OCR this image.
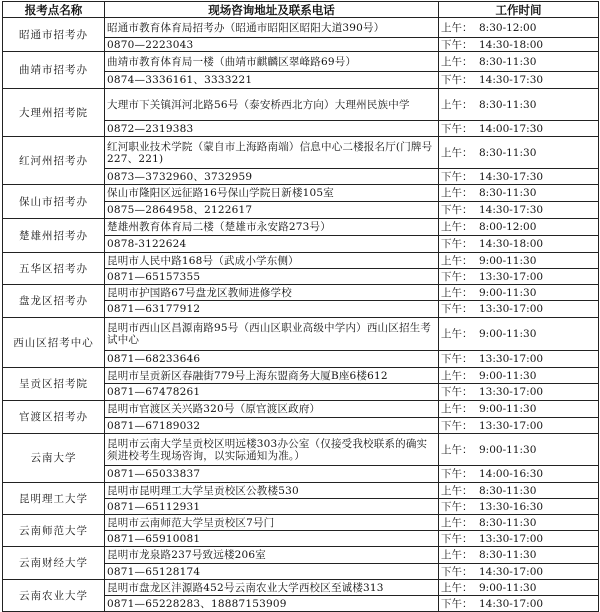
报考点名称	现场咨询地址及联系电话	工作时间
昭通市招考办	昭通市教育体育局招考办（昭通市昭阳区昭阳大道390号）	上午： 8:30-12:00
	0870—2223043	下午： 14:30-18:00
曲靖市招考办	曲靖市教育体育局一楼（曲靖市麒麟区翠峰路69号）	上午： 8:30-11:30
	0874—3336161、3333221	下午： 14:30-17:30
大理州招考院	大理市下关镇洱河北路56号（泰安桥西北方向）大理州民族中学	上午： 8:30-11:30
	0872—2319383	下午： 14:00-17:30
红河州招考办	红河职业技术学院（蒙自市上海路南端）信息中心二楼报名厅(门牌号227、221)	上午： 8:30-11:30
	0873—3732960、3732959	下午： 14:30-17:30
保山市招考办	保山市隆阳区远征路16号保山学院日新楼105室	上午： 8:30-11:30
	0875—2864958、2122617	下午： 14:30-17:30
楚雄州招考办	楚雄州教育体育局二楼（楚雄市永安路273号）	上午： 8:00-12:00
	0878-3122624	下午： 14:30-18:00
五华区招考办	昆明市人民中路168号（武成小学东侧）	上午： 9:00-11:30
	0871—65157355	下午： 13:30-17:00
盘龙区招考办	昆明市护国路67号盘龙区教师进修学校	上午： 9:00-11:30
	0871—63177912	下午： 13:30-17:00
西山区招考中心	昆明市西山区昌源南路95号（西山区职业高级中学内）西山区招生考试中心	上午： 9:00-11:30
	0871—68233646	下午： 13:30-17:00
呈贡区招考院	昆明市呈贡新区春融街779号上海东盟商务大厦B座6楼612	上午： 9:00-11:30
	0871—67478261	下午： 13:30-17:00
官渡区招考办	昆明市官渡区关兴路320号（原官渡区政府）	上午： 9:00-11:30
	0871—67189032	下午： 13:30-17:00
云南大学	昆明市云南大学呈贡校区明远楼303办公室（仅接受我校联系的确实须进校考生现场咨询，以实际通知为准。）	上午： 9:00-11:30
	0871—65033837	下午： 14:00-16:30
昆明理工大学	昆明市昆明理工大学呈贡校区公教楼530	上午： 8:30-11:30
	0871—65112931	下午： 13:30-16:30
云南师范大学	昆明市云南师范大学呈贡校区7号门	上午： 8:30-11:30
	0871—65910081	下午： 13:30-17:00
云南财经大学	昆明市龙泉路237号致远楼206室	上午： 8:30-11:30
	0871—65128174	下午： 14:30-17:00
云南农业大学	昆明市盘龙区沣源路452号云南农业大学西校区至诚楼313	上午： 9:00-11:30
	0871—65228283、18887153909	下午： 14:30-17:00
